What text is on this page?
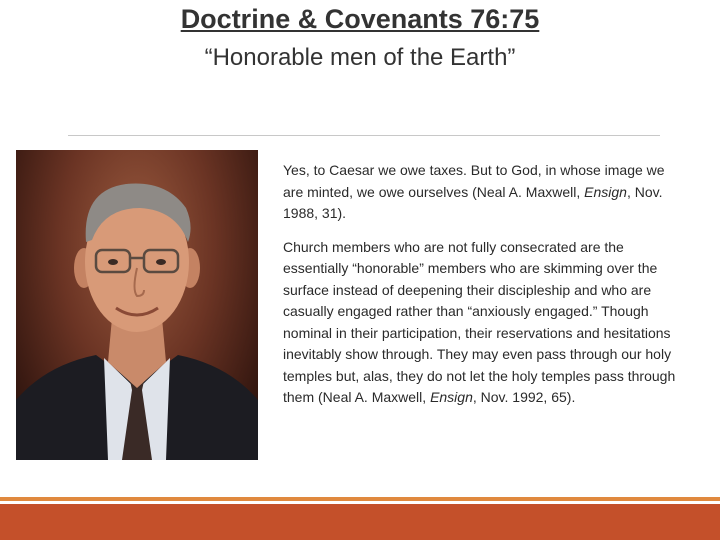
Doctrine & Covenants 76:75
“Honorable men of the Earth”

Yes, to Caesar we owe taxes. But to God, in whose image we are minted, we owe ourselves (Neal A. Maxwell, Ensign, Nov. 1988, 31).

Church members who are not fully consecrated are the essentially “honorable” members who are skimming over the surface instead of deepening their discipleship and who are casually engaged rather than “anxiously engaged.” Though nominal in their participation, their reservations and hesitations inevitably show through. They may even pass through our holy temples but, alas, they do not let the holy temples pass through them (Neal A. Maxwell, Ensign, Nov. 1992, 65).
